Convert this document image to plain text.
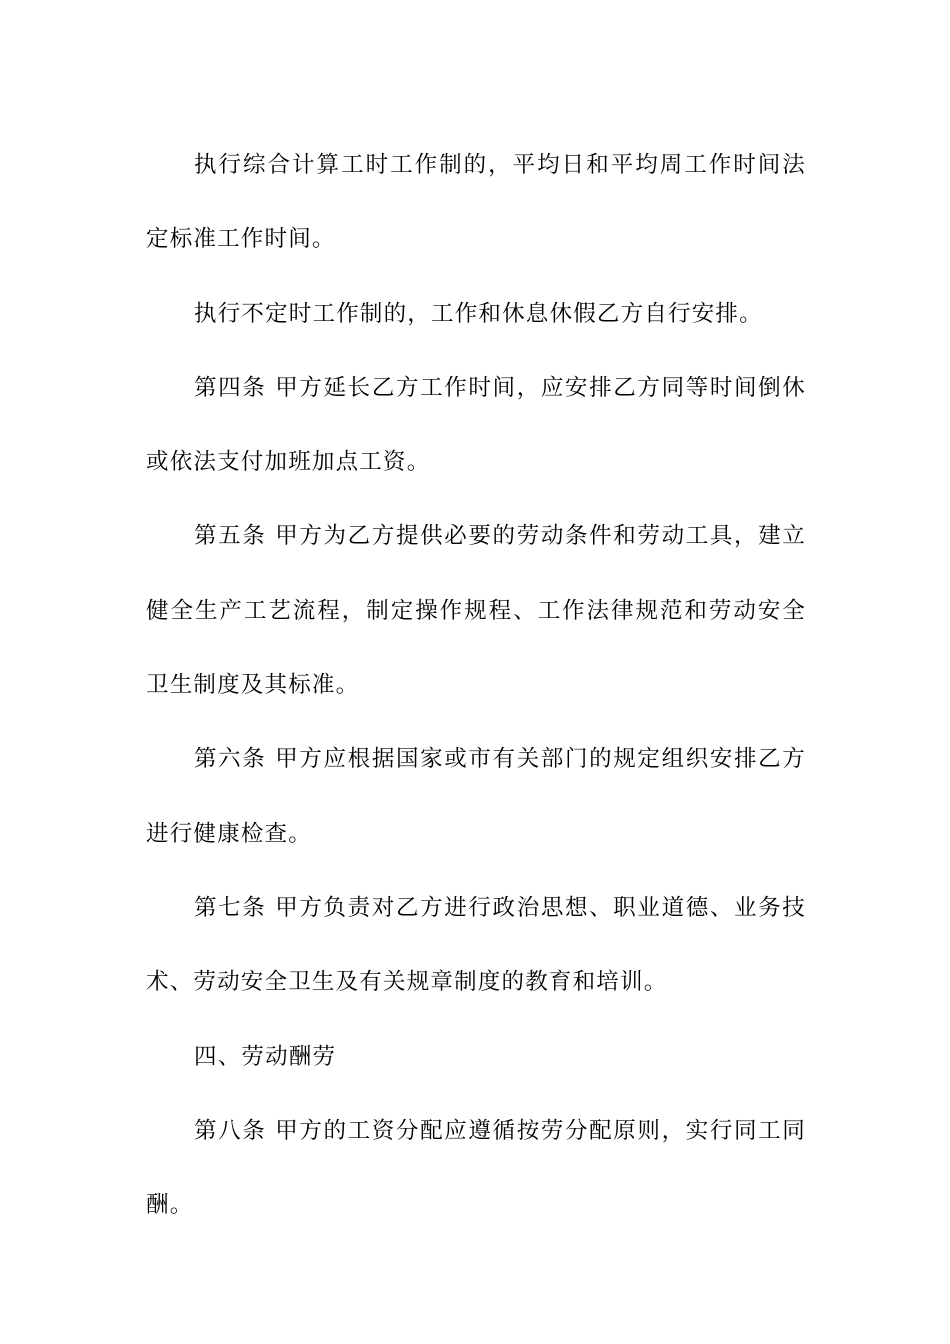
执行综合计算工时工作制的，平均日和平均周工作时间法定标准工作时间。

执行不定时工作制的，工作和休息休假乙方自行安排。

第四条 甲方延长乙方工作时间，应安排乙方同等时间倒休或依法支付加班加点工资。

第五条 甲方为乙方提供必要的劳动条件和劳动工具，建立健全生产工艺流程，制定操作规程、工作法律规范和劳动安全卫生制度及其标准。

第六条 甲方应根据国家或市有关部门的规定组织安排乙方进行健康检查。

第七条 甲方负责对乙方进行政治思想、职业道德、业务技术、劳动安全卫生及有关规章制度的教育和培训。

四、劳动酬劳

第八条 甲方的工资分配应遵循按劳分配原则，实行同工同酬。
